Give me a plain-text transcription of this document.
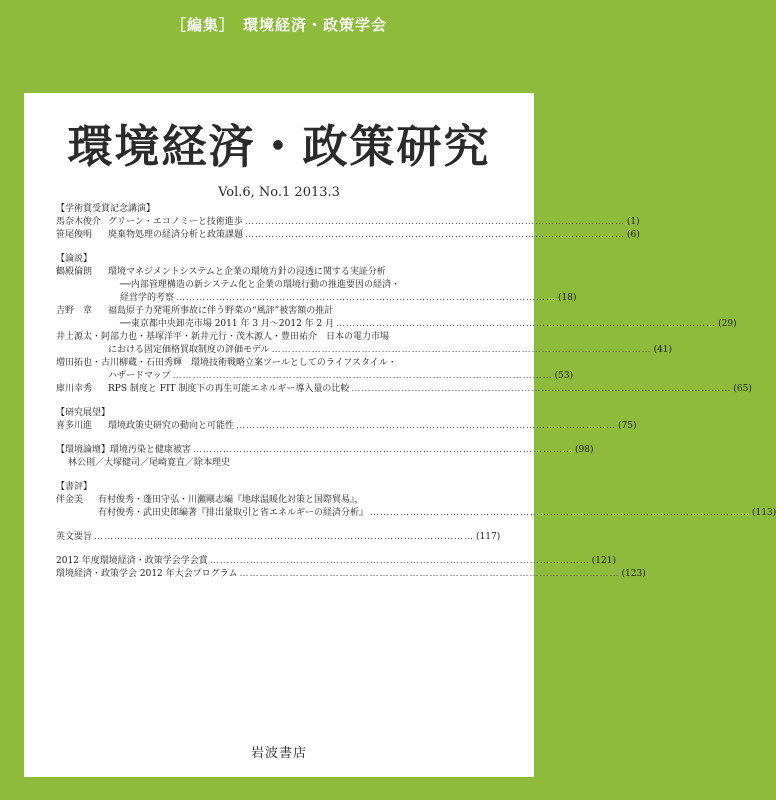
［編集］ 環境経済・政策学会
環境経済・政策研究
Vol.6, No.1 2013.3
【学術賞受賞記念講演】
馬奈木俊介 グリーン・エコノミーと技術進歩 ……………………………………………………………………………………………………	(1)
笹尾俊明	廃棄物処理の経済分析と政策課題 ……………………………………………………………………………………………………	(6)
【論説】
鶴殿倫朗	環境マネジメントシステムと企業の環境方針の浸透に関する実証分析
──内部管理構造の新システム化と企業の環境行動の推進要因の経済・
経営学的考察 ……………………………………………………………………………………………………	(18)
吉野　章	福島原子力発電所事故に伴う野菜の“風評”被害額の推計
──東京都中央卸売市場 2011 年 3 月～2012 年 2 月 ……………………………………………………………………………………………………	(29)
井上源太・阿部力也・基塚洋平・新井元行・茂木源人・豊田祐介　 日本の電力市場
における固定価格買取制度の評価モデル ……………………………………………………………………………………………………	(41)
増田拓也・古川柳蔵・石田秀輝　 環境技術戦略立案ツールとしてのライフスタイル・
ハザードマップ ……………………………………………………………………………………………………	(53)
庫川幸秀	RPS 制度と FIT 制度下の再生可能エネルギー導入量の比較 ……………………………………………………………………………………………………	(65)
【研究展望】
喜多川進	環境政策史研究の動向と可能性 ……………………………………………………………………………………………………	(75)
【環境論壇】 環境汚染と健康被害 ……………………………………………………………………………………………………	(98)
林公則／大塚健司／尾崎寛直／除本理史
【書評】
伴金美	有村俊秀・蓬田守弘・川瀬剛志編『地球温暖化対策と国際貿易』，
有村俊秀・武田史郎編著『排出量取引と省エネルギーの経済分析』 ……………………………………………………………………………………………………	(113)
英文要旨 ……………………………………………………………………………………………………	(117)
2012 年度環境経済・政策学会学会賞 ……………………………………………………………………………………………………	(121)
環境経済・政策学会 2012 年大会プログラム ……………………………………………………………………………………………………	(123)
岩波書店
